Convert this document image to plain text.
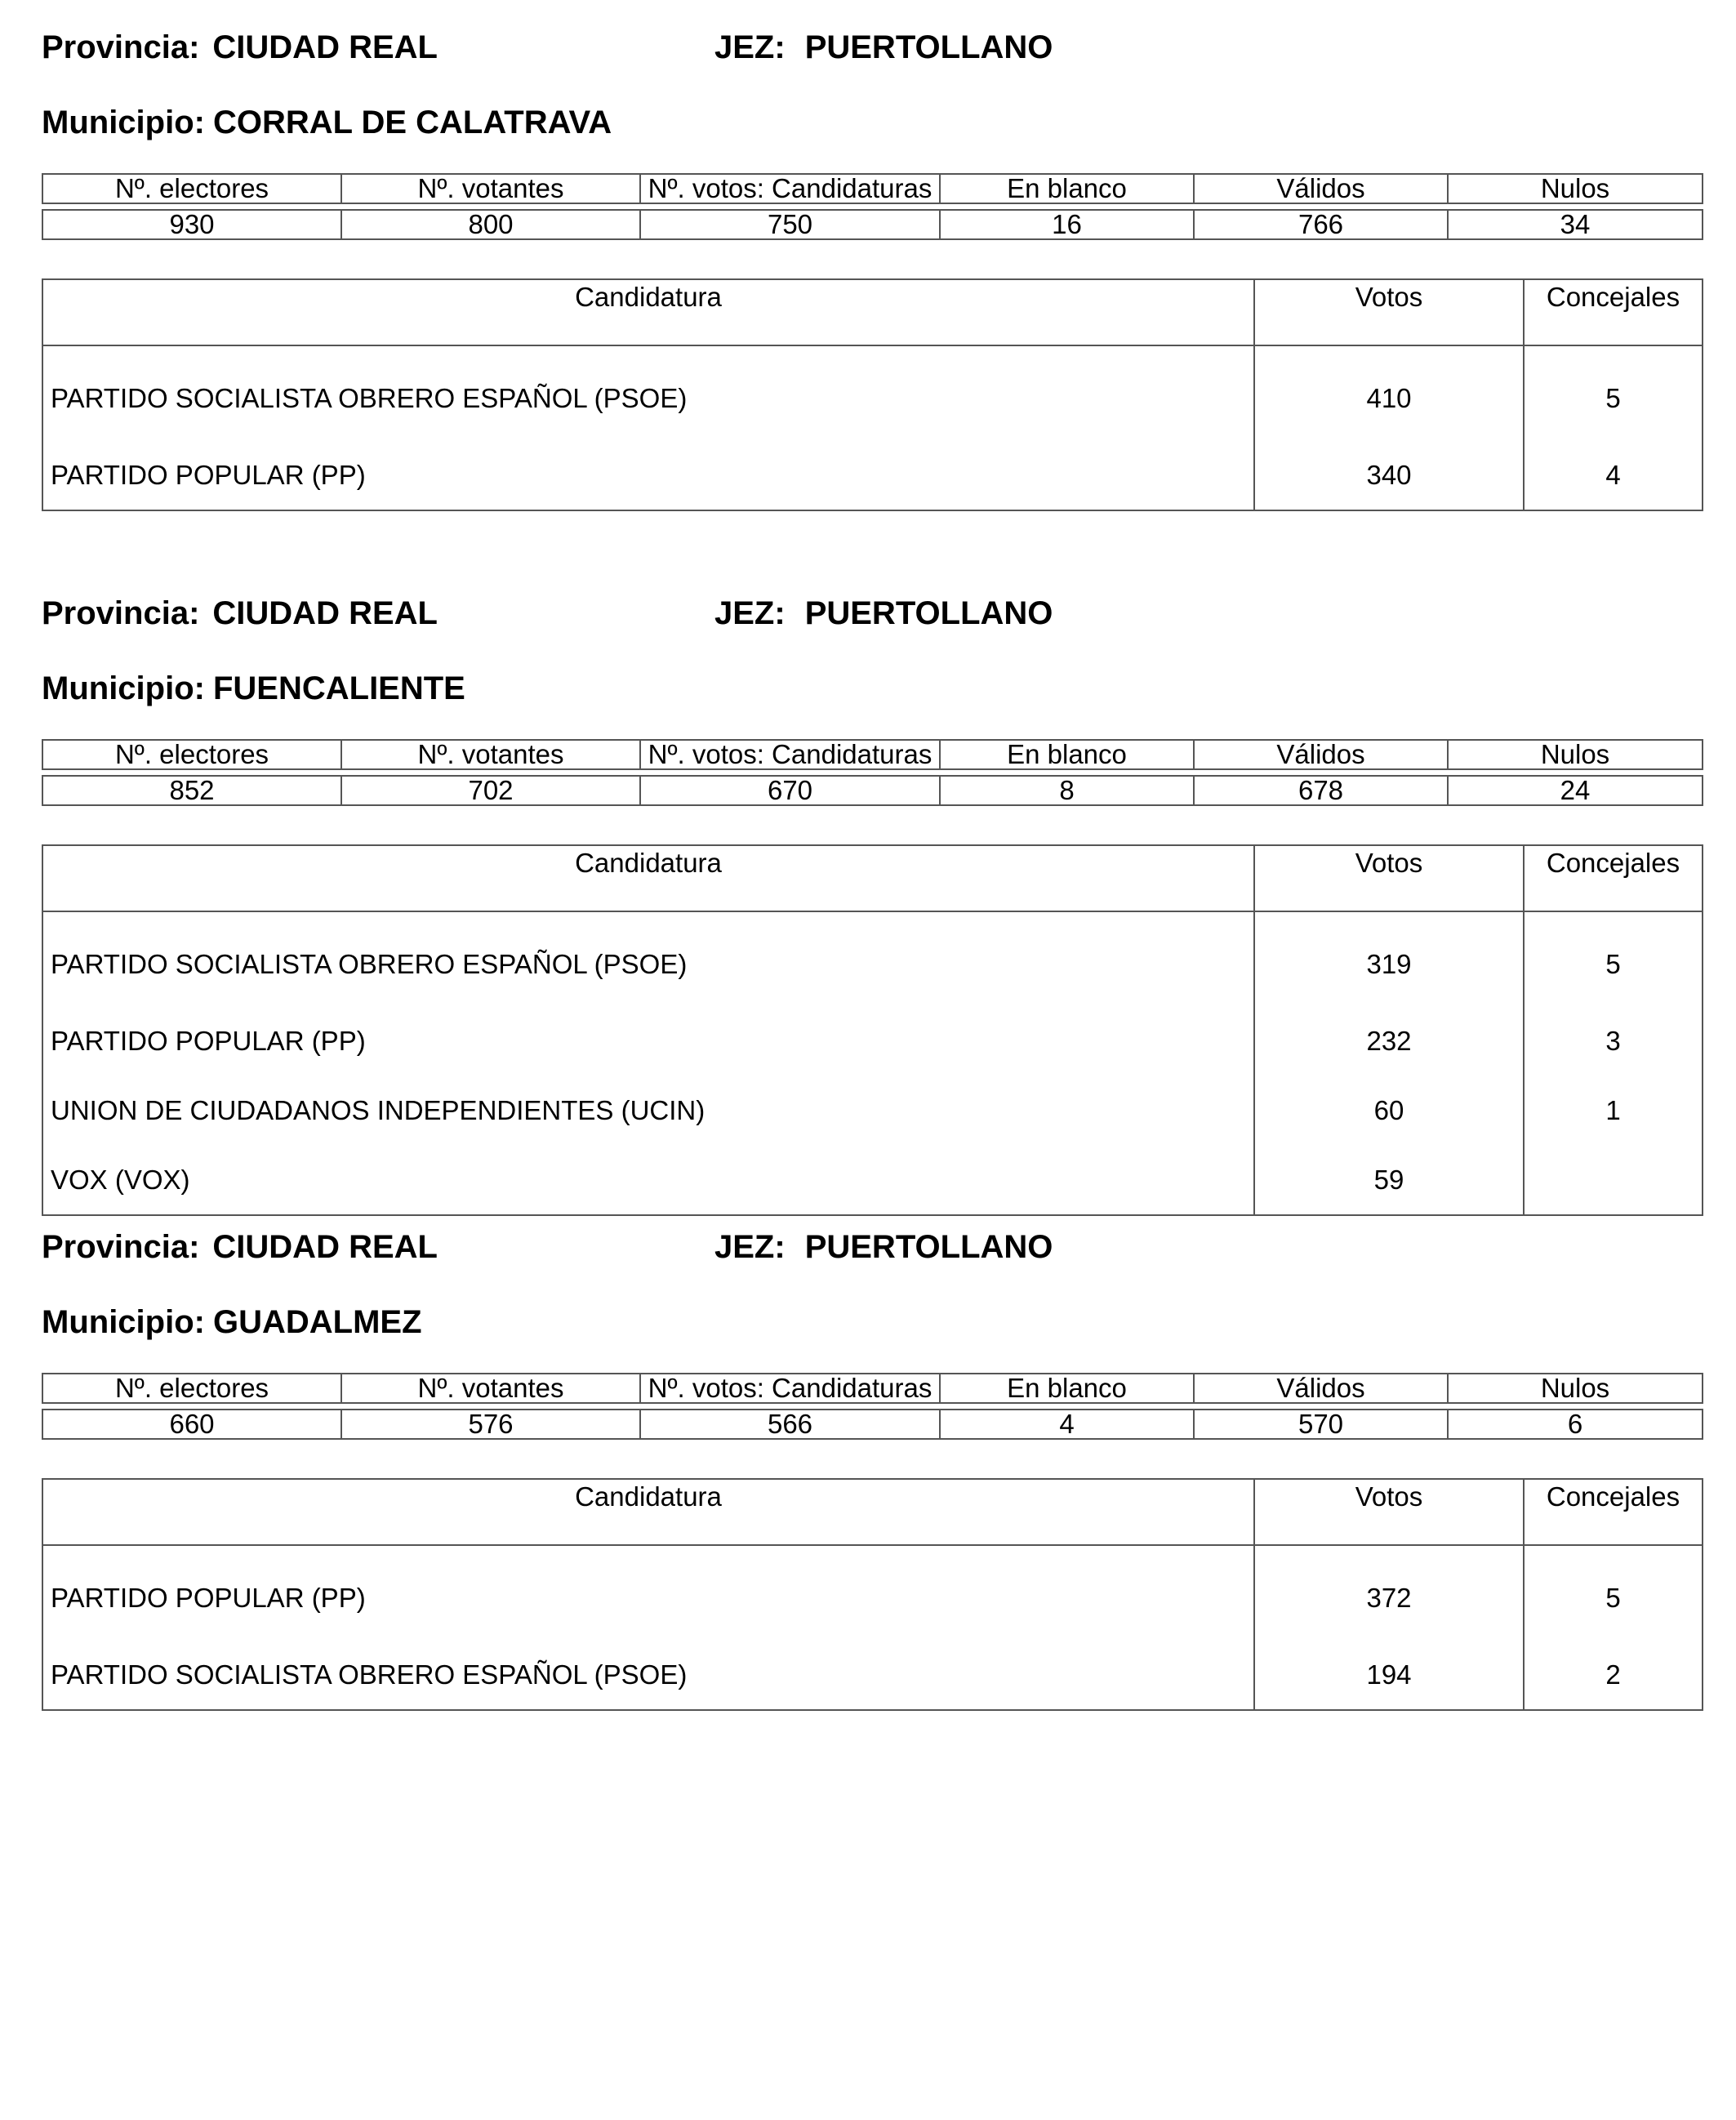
Provincia: CIUDAD REAL	JEZ: PUERTOLLANO
Municipio: CORRAL DE CALATRAVA
Nº. electores	Nº. votantes	Nº. votos: Candidaturas	En blanco	Válidos	Nulos

930	800	750	16	766	34
Candidatura	Votos	Concejales
PARTIDO SOCIALISTA OBRERO ESPAÑOL (PSOE)	410	5
PARTIDO POPULAR (PP)	340	4
Provincia: CIUDAD REAL	JEZ: PUERTOLLANO
Municipio: FUENCALIENTE
Nº. electores	Nº. votantes	Nº. votos: Candidaturas	En blanco	Válidos	Nulos

852	702	670	8	678	24
Candidatura	Votos	Concejales
PARTIDO SOCIALISTA OBRERO ESPAÑOL (PSOE)	319	5
PARTIDO POPULAR (PP)	232	3
UNION DE CIUDADANOS INDEPENDIENTES (UCIN)	60	1
VOX (VOX)	59	
Provincia: CIUDAD REAL	JEZ: PUERTOLLANO
Municipio: GUADALMEZ
Nº. electores	Nº. votantes	Nº. votos: Candidaturas	En blanco	Válidos	Nulos

660	576	566	4	570	6
Candidatura	Votos	Concejales
PARTIDO POPULAR (PP)	372	5
PARTIDO SOCIALISTA OBRERO ESPAÑOL (PSOE)	194	2
